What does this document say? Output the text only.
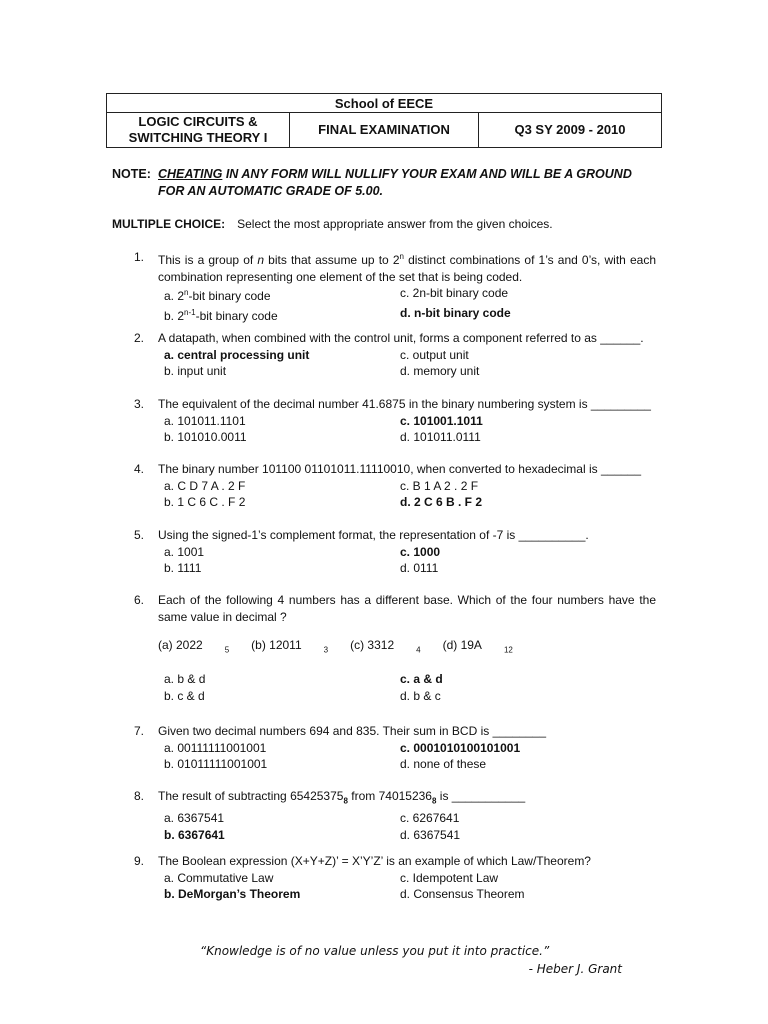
School of EECE

LOGIC CIRCUITS &
SWITCHING THEORY I
	FINAL EXAMINATION	Q3 SY 2009 - 2010
NOTE: CHEATING IN ANY FORM WILL NULLIFY YOUR EXAM AND WILL BE A GROUND FOR AN AUTOMATIC GRADE OF 5.00.
MULTIPLE CHOICE: Select the most appropriate answer from the given choices.
1. This is a group of n bits that assume up to 2$^n$ distinct combinations of 1’s and 0’s, with each combination representing one element of the set that is being coded.
a. 2$^n$-bit binary code	c. 2n-bit binary code
b. 2$^{n-1}$-bit binary code	d. n-bit binary code
2. A datapath, when combined with the control unit, forms a component referred to as ______.
a. central processing unit	c. output unit
b. input unit	d. memory unit
3. The equivalent of the decimal number 41.6875 in the binary numbering system is _________
a. 101011.1101	c. 101001.1011
b. 101010.0011	d. 101011.0111
4. The binary number 101100 01101011.11110010, when converted to hexadecimal is ______
a. C D 7 A . 2 F	c. B 1 A 2 . 2 F
b. 1 C 6 C . F 2	d. 2 C 6 B . F 2
5. Using the signed-1’s complement format, the representation of -7 is __________.
a. 1001	c. 1000
b. 1111	d. 0111
6. Each of the following 4 numbers has a different base. Which of the four numbers have the same value in decimal ?
(a) 2022	$_5$ (b) 12011	$_3$ (c) 3312	$_4$ (d) 19A	$_{12}$
a. b & d	c. a & d
b. c & d	d. b & c
7. Given two decimal numbers 694 and 835. Their sum in BCD is ________
a. 00111111001001	c. 0001010100101001
b. 01011111001001	d. none of these
8. The result of subtracting $65425375_8$ from $74015236_8$ is ___________
a. 6367541	c. 6267641
b. 6367641	d. 6367541
9. The Boolean expression (X+Y+Z)’ = X’Y’Z’ is an example of which Law/Theorem?
a. Commutative Law	c. Idempotent Law
b. DeMorgan’s Theorem	d. Consensus Theorem
“Knowledge is of no value unless you put it into practice.”
- Heber J. Grant
